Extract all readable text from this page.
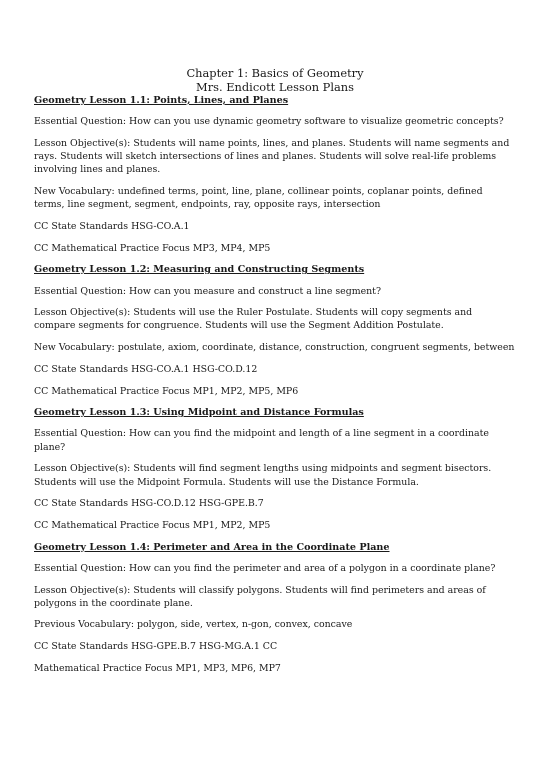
Chapter 1: Basics of Geometry
Mrs. Endicott Lesson Plans
Geometry Lesson 1.1: Points, Lines, and Planes

Essential Question: How can you use dynamic geometry software to visualize geometric concepts?

Lesson Objective(s): Students will name points, lines, and planes. Students will name segments and rays. Students will sketch intersections of lines and planes. Students will solve real-life problems involving lines and planes.

New Vocabulary: undefined terms, point, line, plane, collinear points, coplanar points, defined terms, line segment, segment, endpoints, ray, opposite rays, intersection

CC State Standards HSG-CO.A.1

CC Mathematical Practice Focus MP3, MP4, MP5

Geometry Lesson 1.2: Measuring and Constructing Segments

Essential Question: How can you measure and construct a line segment?

Lesson Objective(s): Students will use the Ruler Postulate. Students will copy segments and compare segments for congruence. Students will use the Segment Addition Postulate.

New Vocabulary: postulate, axiom, coordinate, distance, construction, congruent segments, between

CC State Standards HSG-CO.A.1 HSG-CO.D.12

CC Mathematical Practice Focus MP1, MP2, MP5, MP6

Geometry Lesson 1.3: Using Midpoint and Distance Formulas

Essential Question: How can you find the midpoint and length of a line segment in a coordinate plane?

Lesson Objective(s): Students will find segment lengths using midpoints and segment bisectors. Students will use the Midpoint Formula. Students will use the Distance Formula.

CC State Standards HSG-CO.D.12 HSG-GPE.B.7

CC Mathematical Practice Focus MP1, MP2, MP5

Geometry Lesson 1.4: Perimeter and Area in the Coordinate Plane

Essential Question: How can you find the perimeter and area of a polygon in a coordinate plane?

Lesson Objective(s): Students will classify polygons. Students will find perimeters and areas of polygons in the coordinate plane.

Previous Vocabulary: polygon, side, vertex, n-gon, convex, concave

CC State Standards HSG-GPE.B.7 HSG-MG.A.1 CC

Mathematical Practice Focus MP1, MP3, MP6, MP7
